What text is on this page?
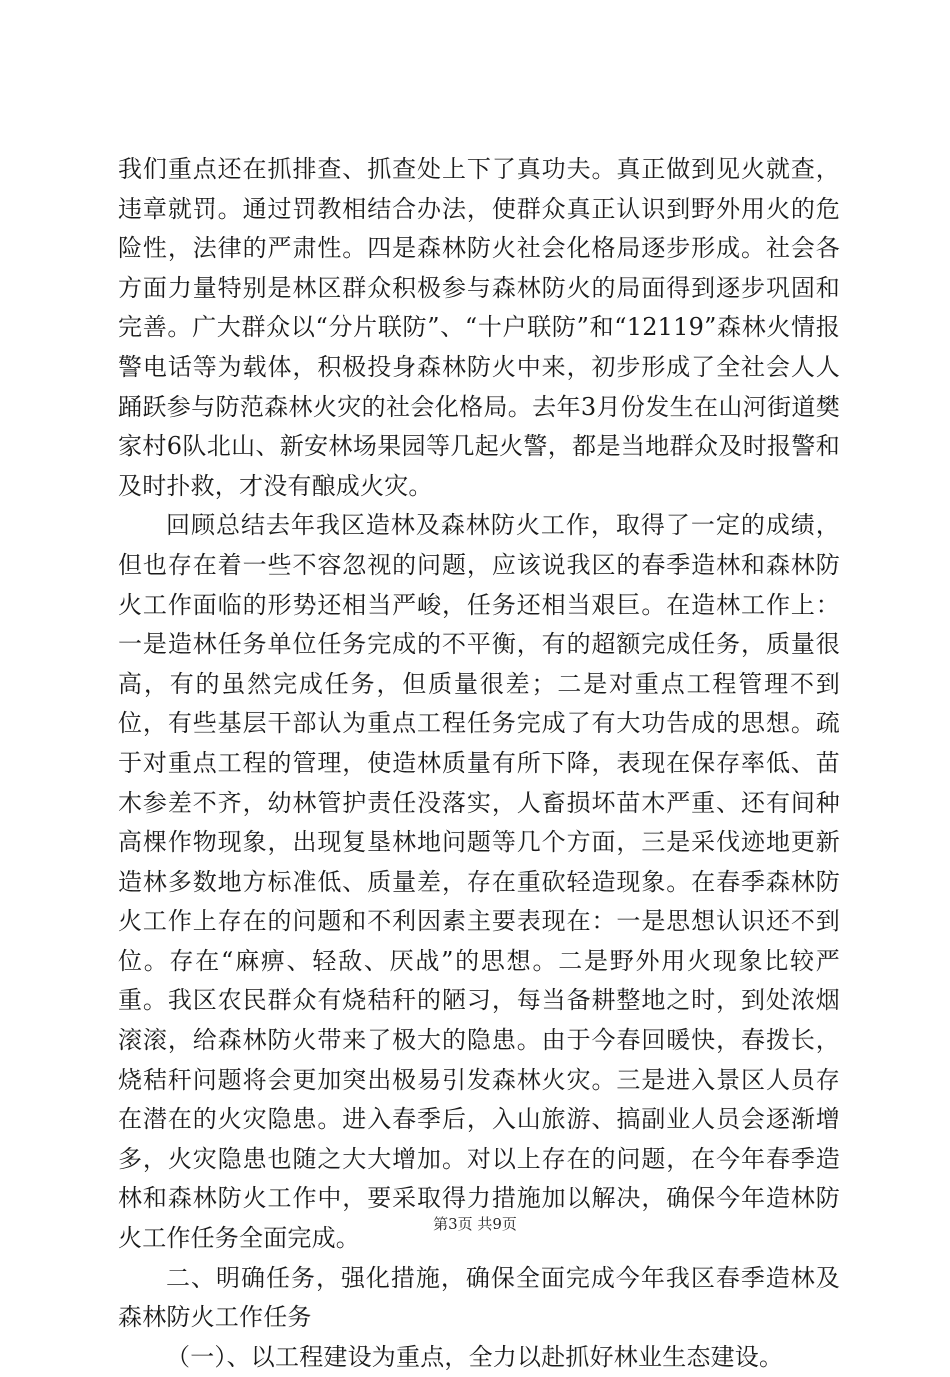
我们重点还在抓排查、抓查处上下了真功夫。真正做到见火就查，违章就罚。通过罚教相结合办法，使群众真正认识到野外用火的危险性，法律的严肃性。四是森林防火社会化格局逐步形成。社会各方面力量特别是林区群众积极参与森林防火的局面得到逐步巩固和完善。广大群众以“分片联防”、“十户联防”和“12119”森林火情报警电话等为载体，积极投身森林防火中来，初步形成了全社会人人踊跃参与防范森林火灾的社会化格局。去年3月份发生在山河街道樊家村6队北山、新安林场果园等几起火警，都是当地群众及时报警和及时扑救，才没有酿成火灾。

回顾总结去年我区造林及森林防火工作，取得了一定的成绩，但也存在着一些不容忽视的问题，应该说我区的春季造林和森林防火工作面临的形势还相当严峻，任务还相当艰巨。在造林工作上：一是造林任务单位任务完成的不平衡，有的超额完成任务，质量很高，有的虽然完成任务，但质量很差；二是对重点工程管理不到位，有些基层干部认为重点工程任务完成了有大功告成的思想。疏于对重点工程的管理，使造林质量有所下降，表现在保存率低、苗木参差不齐，幼林管护责任没落实，人畜损坏苗木严重、还有间种高棵作物现象，出现复垦林地问题等几个方面，三是采伐迹地更新造林多数地方标准低、质量差，存在重砍轻造现象。在春季森林防火工作上存在的问题和不利因素主要表现在：一是思想认识还不到位。存在“麻痹、轻敌、厌战”的思想。二是野外用火现象比较严重。我区农民群众有烧秸秆的陋习，每当备耕整地之时，到处浓烟滚滚，给森林防火带来了极大的隐患。由于今春回暖快，春拨长，烧秸秆问题将会更加突出极易引发森林火灾。三是进入景区人员存在潜在的火灾隐患。进入春季后，入山旅游、搞副业人员会逐渐增多，火灾隐患也随之大大增加。对以上存在的问题，在今年春季造林和森林防火工作中，要采取得力措施加以解决，确保今年造林防火工作任务全面完成。

二、明确任务，强化措施，确保全面完成今年我区春季造林及森林防火工作任务

（一）、以工程建设为重点，全力以赴抓好林业生态建设。

第3页 共9页
